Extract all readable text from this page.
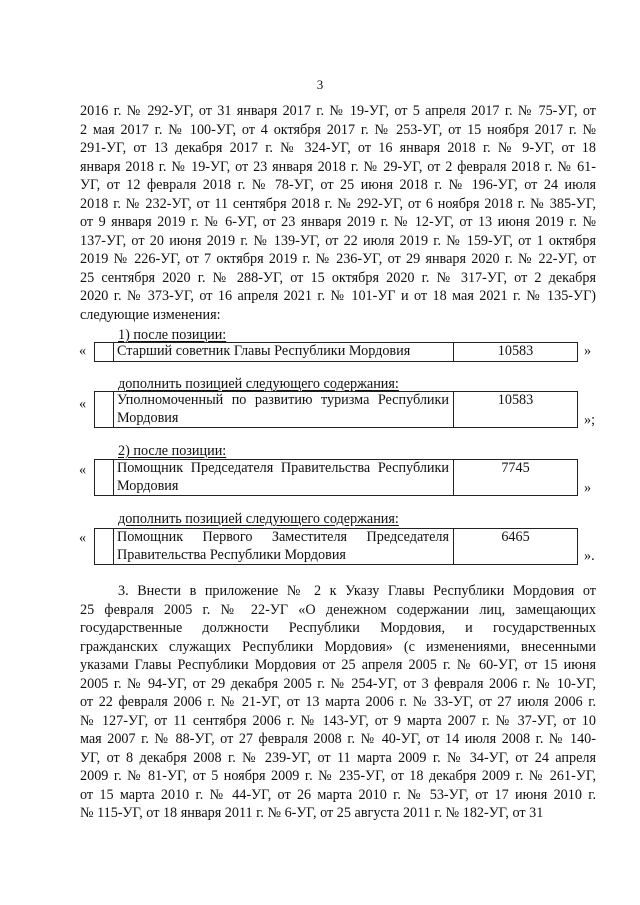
3
2016 г. № 292-УГ, от 31 января 2017 г. № 19-УГ, от 5 апреля 2017 г. № 75-УГ, от
2 мая 2017 г. № 100-УГ, от 4 октября 2017 г. № 253-УГ, от 15 ноября 2017 г. №
291-УГ, от 13 декабря 2017 г. № 324-УГ, от 16 января 2018 г. № 9-УГ, от 18
января 2018 г. № 19-УГ, от 23 января 2018 г. № 29-УГ, от 2 февраля 2018 г. № 61-
УГ, от 12 февраля 2018 г. № 78-УГ, от 25 июня 2018 г. № 196-УГ, от 24 июля
2018 г. № 232-УГ, от 11 сентября 2018 г. № 292-УГ, от 6 ноября 2018 г. № 385-УГ,
от 9 января 2019 г. № 6-УГ, от 23 января 2019 г. № 12-УГ, от 13 июня 2019 г. №
137-УГ, от 20 июня 2019 г. № 139-УГ, от 22 июля 2019 г. № 159-УГ, от 1 октября
2019 № 226-УГ, от 7 октября 2019 г. № 236-УГ, от 29 января 2020 г. № 22-УГ, от
25 сентября 2020 г. № 288-УГ, от 15 октября 2020 г. № 317-УГ, от 2 декабря
2020 г. № 373-УГ, от 16 апреля 2021 г. № 101-УГ и от 18 мая 2021 г. № 135-УГ)
следующие изменения:
1) после позиции:
« Старший советник Главы Республики Мордовия	10583	»
дополнить позицией следующего содержания:
« Уполномоченный по развитию туризма Республики
Мордовия
10583
»;
2) после позиции:
« Помощник Председателя Правительства Республики
Мордовия
7745
»
дополнить позицией следующего содержания:
« Помощник Первого Заместителя Председателя
Правительства Республики Мордовия
6465
».
3. Внести в приложение № 2 к Указу Главы Республики Мордовия от
25 февраля 2005 г. № 22-УГ «О денежном содержании лиц, замещающих
государственные должности Республики Мордовия, и государственных
гражданских служащих Республики Мордовия» (с изменениями, внесенными
указами Главы Республики Мордовия от 25 апреля 2005 г. № 60-УГ, от 15 июня
2005 г. № 94-УГ, от 29 декабря 2005 г. № 254-УГ, от 3 февраля 2006 г. № 10-УГ,
от 22 февраля 2006 г. № 21-УГ, от 13 марта 2006 г. № 33-УГ, от 27 июля 2006 г.
№ 127-УГ, от 11 сентября 2006 г. № 143-УГ, от 9 марта 2007 г. № 37-УГ, от 10
мая 2007 г. № 88-УГ, от 27 февраля 2008 г. № 40-УГ, от 14 июля 2008 г. № 140-
УГ, от 8 декабря 2008 г. № 239-УГ, от 11 марта 2009 г. № 34-УГ, от 24 апреля
2009 г. № 81-УГ, от 5 ноября 2009 г. № 235-УГ, от 18 декабря 2009 г. № 261-УГ,
от 15 марта 2010 г. № 44-УГ, от 26 марта 2010 г. № 53-УГ, от 17 июня 2010 г.
№ 115-УГ, от 18 января 2011 г. № 6-УГ, от 25 августа 2011 г. № 182-УГ, от 31
